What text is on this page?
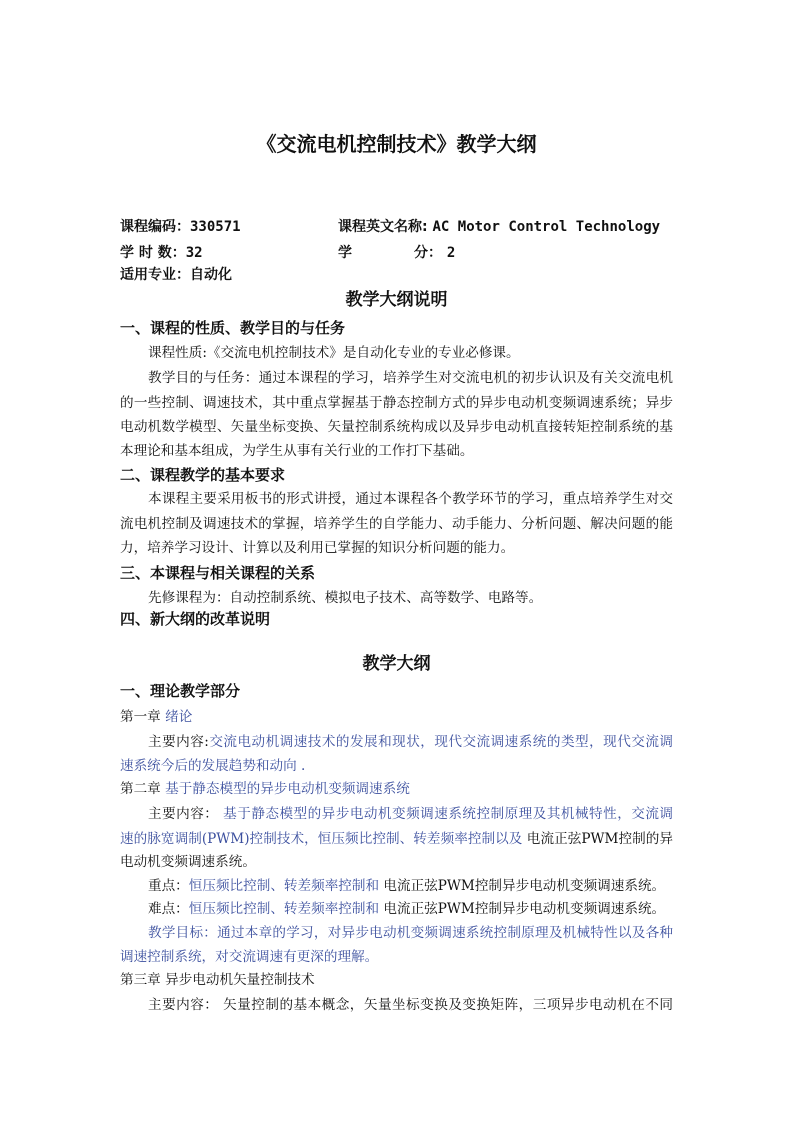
《交流电机控制技术》教学大纲
课程编码：330571	课程英文名称: AC Motor Control Technology
学 时 数：32	学	分： 2
适用专业：自动化
教学大纲说明
一、课程的性质、教学目的与任务
课程性质:《交流电机控制技术》是自动化专业的专业必修课。
教学目的与任务：通过本课程的学习，培养学生对交流电机的初步认识及有关交流电机
的一些控制、调速技术，其中重点掌握基于静态控制方式的异步电动机变频调速系统；异步
电动机数学模型、矢量坐标变换、矢量控制系统构成以及异步电动机直接转矩控制系统的基
本理论和基本组成，为学生从事有关行业的工作打下基础。
二、课程教学的基本要求
本课程主要采用板书的形式讲授，通过本课程各个教学环节的学习，重点培养学生对交
流电机控制及调速技术的掌握，培养学生的自学能力、动手能力、分析问题、解决问题的能
力，培养学习设计、计算以及利用已掌握的知识分析问题的能力。
三、本课程与相关课程的关系
先修课程为：自动控制系统、模拟电子技术、高等数学、电路等。
四、新大纲的改革说明
教学大纲
一、理论教学部分
第一章 绪论
主要内容:交流电动机调速技术的发展和现状，现代交流调速系统的类型，现代交流调
速系统今后的发展趋势和动向 .
第二章 基于静态模型的异步电动机变频调速系统
主要内容： 基于静态模型的异步电动机变频调速系统控制原理及其机械特性，交流调
速的脉宽调制(PWM)控制技术，恒压频比控制、转差频率控制以及 电流正弦PWM控制的异
电动机变频调速系统。
重点：恒压频比控制、转差频率控制和 电流正弦PWM控制异步电动机变频调速系统。
难点：恒压频比控制、转差频率控制和 电流正弦PWM控制异步电动机变频调速系统。
教学目标：通过本章的学习，对异步电动机变频调速系统控制原理及机械特性以及各种
调速控制系统，对交流调速有更深的理解。
第三章 异步电动机矢量控制技术
主要内容： 矢量控制的基本概念，矢量坐标变换及变换矩阵，三项异步电动机在不同
